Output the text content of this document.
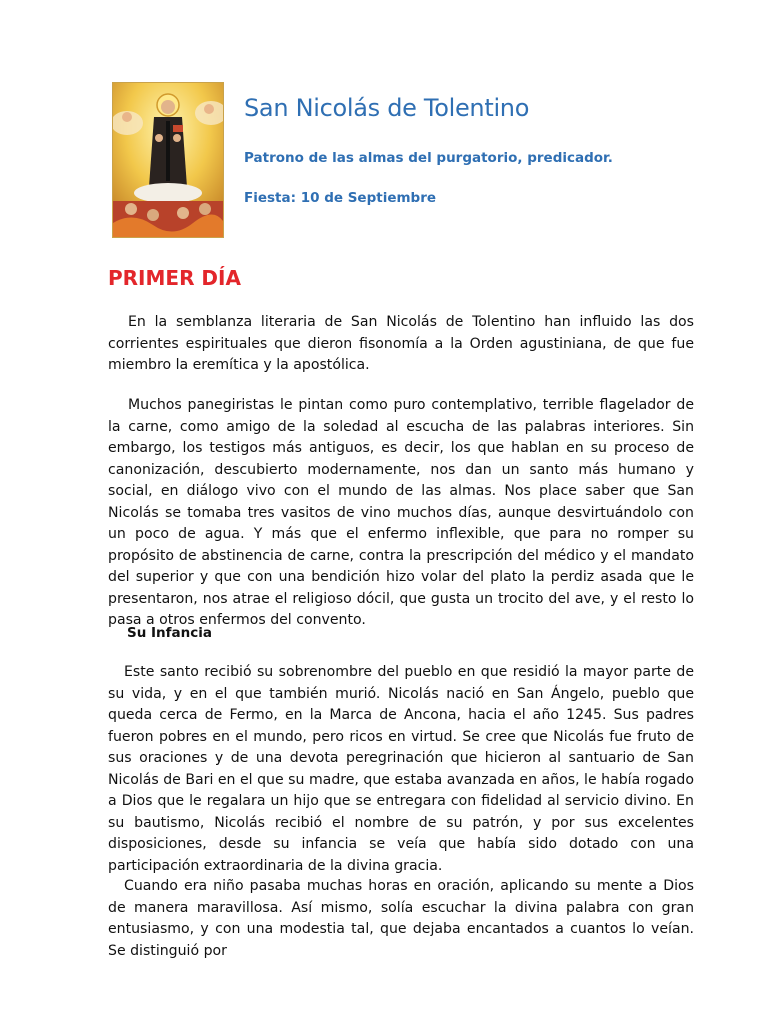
San Nicolás de Tolentino

Patrono de las almas del purgatorio, predicador.

Fiesta: 10 de Septiembre

PRIMER DÍA

En la semblanza literaria de San Nicolás de Tolentino han influido las dos corrientes espirituales que dieron fisonomía a la Orden agustiniana, de que fue miembro la eremítica y la apostólica.

Muchos panegiristas le pintan como puro contemplativo, terrible flagelador de la carne, como amigo de la soledad al escucha de las palabras interiores. Sin embargo, los testigos más antiguos, es decir, los que hablan en su proceso de canonización, descubierto modernamente, nos dan un santo más humano y social, en diálogo vivo con el mundo de las almas. Nos place saber que San Nicolás se tomaba tres vasitos de vino muchos días, aunque desvirtuándolo con un poco de agua. Y más que el enfermo inflexible, que para no romper su propósito de abstinencia de carne, contra la prescripción del médico y el mandato del superior y que con una bendición hizo volar del plato la perdiz asada que le presentaron, nos atrae el religioso dócil, que gusta un trocito del ave, y el resto lo pasa a otros enfermos del convento.

Su Infancia

Este santo recibió su sobrenombre del pueblo en que residió la mayor parte de su vida, y en el que también murió. Nicolás nació en San Ángelo, pueblo que queda cerca de Fermo, en la Marca de Ancona, hacia el año 1245. Sus padres fueron pobres en el mundo, pero ricos en virtud. Se cree que Nicolás fue fruto de sus oraciones y de una devota peregrinación que hicieron al santuario de San Nicolás de Bari en el que su madre, que estaba avanzada en años, le había rogado a Dios que le regalara un hijo que se entregara con fidelidad al servicio divino. En su bautismo, Nicolás recibió el nombre de su patrón, y por sus excelentes disposiciones, desde su infancia se veía que había sido dotado con una participación extraordinaria de la divina gracia.

Cuando era niño pasaba muchas horas en oración, aplicando su mente a Dios de manera maravillosa. Así mismo, solía escuchar la divina palabra con gran entusiasmo, y con una modestia tal, que dejaba encantados a cuantos lo veían. Se distinguió por
